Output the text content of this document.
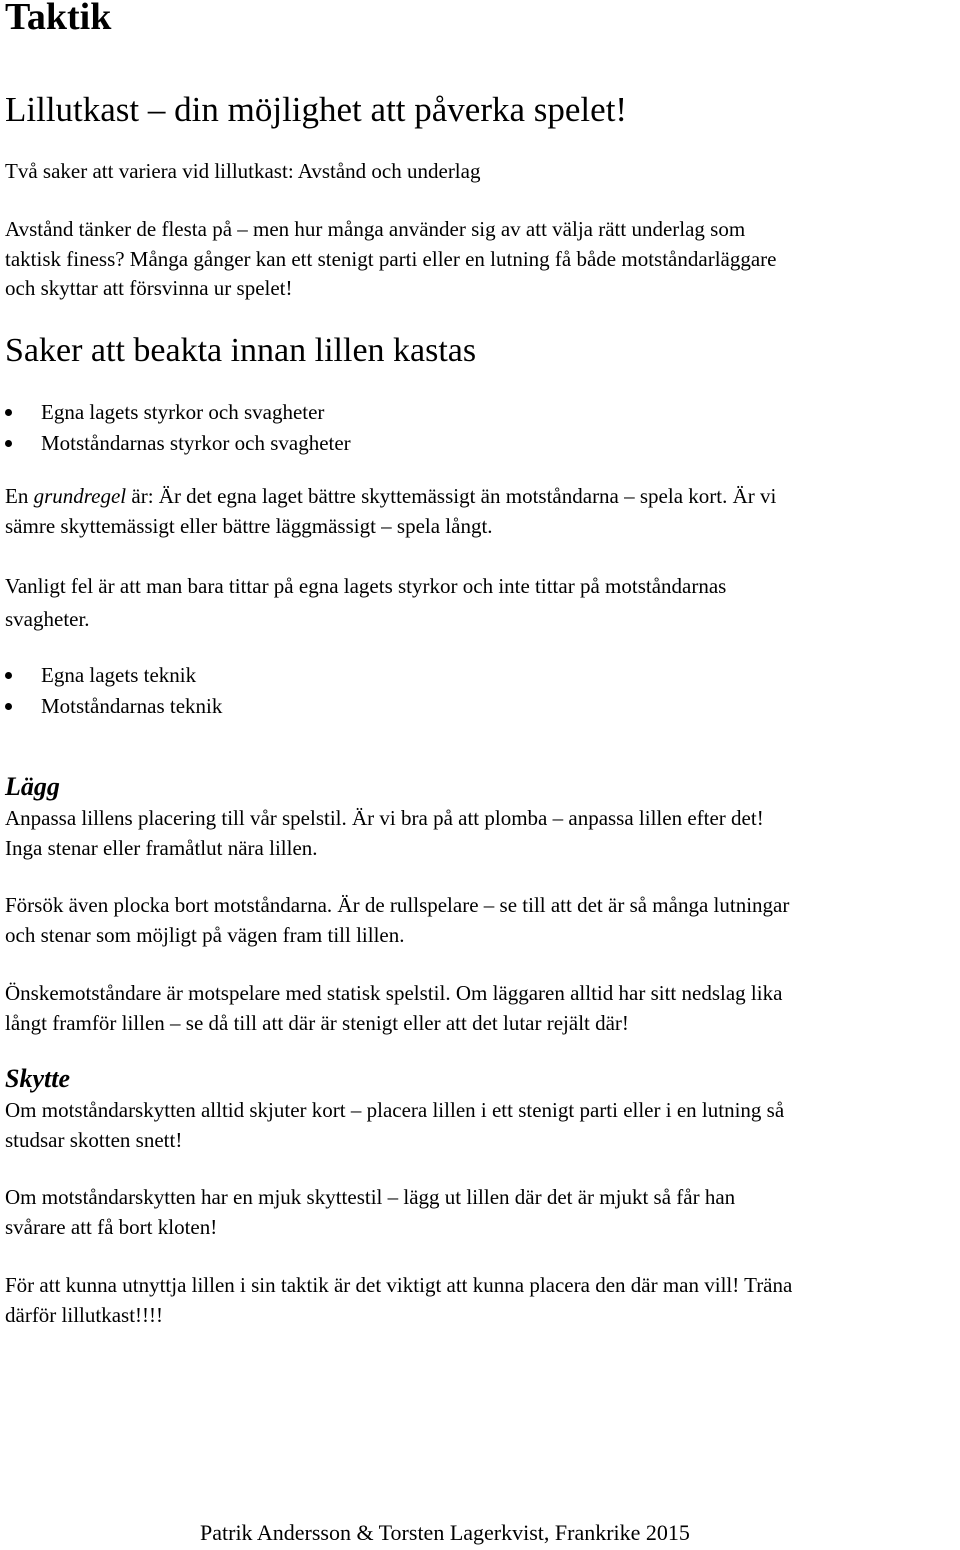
Taktik
Lillutkast – din möjlighet att påverka spelet!

Två saker att variera vid lillutkast: Avstånd och underlag

Avstånd tänker de flesta på – men hur många använder sig av att välja rätt underlag som
taktisk finess? Många gånger kan ett stenigt parti eller en lutning få både motståndarläggare
och skyttar att försvinna ur spelet!

Saker att beakta innan lillen kastas
Egna lagets styrkor och svagheter
Motståndarnas styrkor och svagheter

En grundregel är: Är det egna laget bättre skyttemässigt än motståndarna – spela kort. Är vi
sämre skyttemässigt eller bättre läggmässigt – spela långt.

Vanligt fel är att man bara tittar på egna lagets styrkor och inte tittar på motståndarnas
svagheter.

Egna lagets teknik
Motståndarnas teknik
Lägg

Anpassa lillens placering till vår spelstil. Är vi bra på att plomba – anpassa lillen efter det!
Inga stenar eller framåtlut nära lillen.

Försök även plocka bort motståndarna. Är de rullspelare – se till att det är så många lutningar
och stenar som möjligt på vägen fram till lillen.

Önskemotståndare är motspelare med statisk spelstil. Om läggaren alltid har sitt nedslag lika
långt framför lillen – se då till att där är stenigt eller att det lutar rejält där!

Skytte

Om motståndarskytten alltid skjuter kort – placera lillen i ett stenigt parti eller i en lutning så
studsar skotten snett!

Om motståndarskytten har en mjuk skyttestil – lägg ut lillen där det är mjukt så får han
svårare att få bort kloten!

För att kunna utnyttja lillen i sin taktik är det viktigt att kunna placera den där man vill! Träna
därför lillutkast!!!!

Patrik Andersson & Torsten Lagerkvist, Frankrike 2015
